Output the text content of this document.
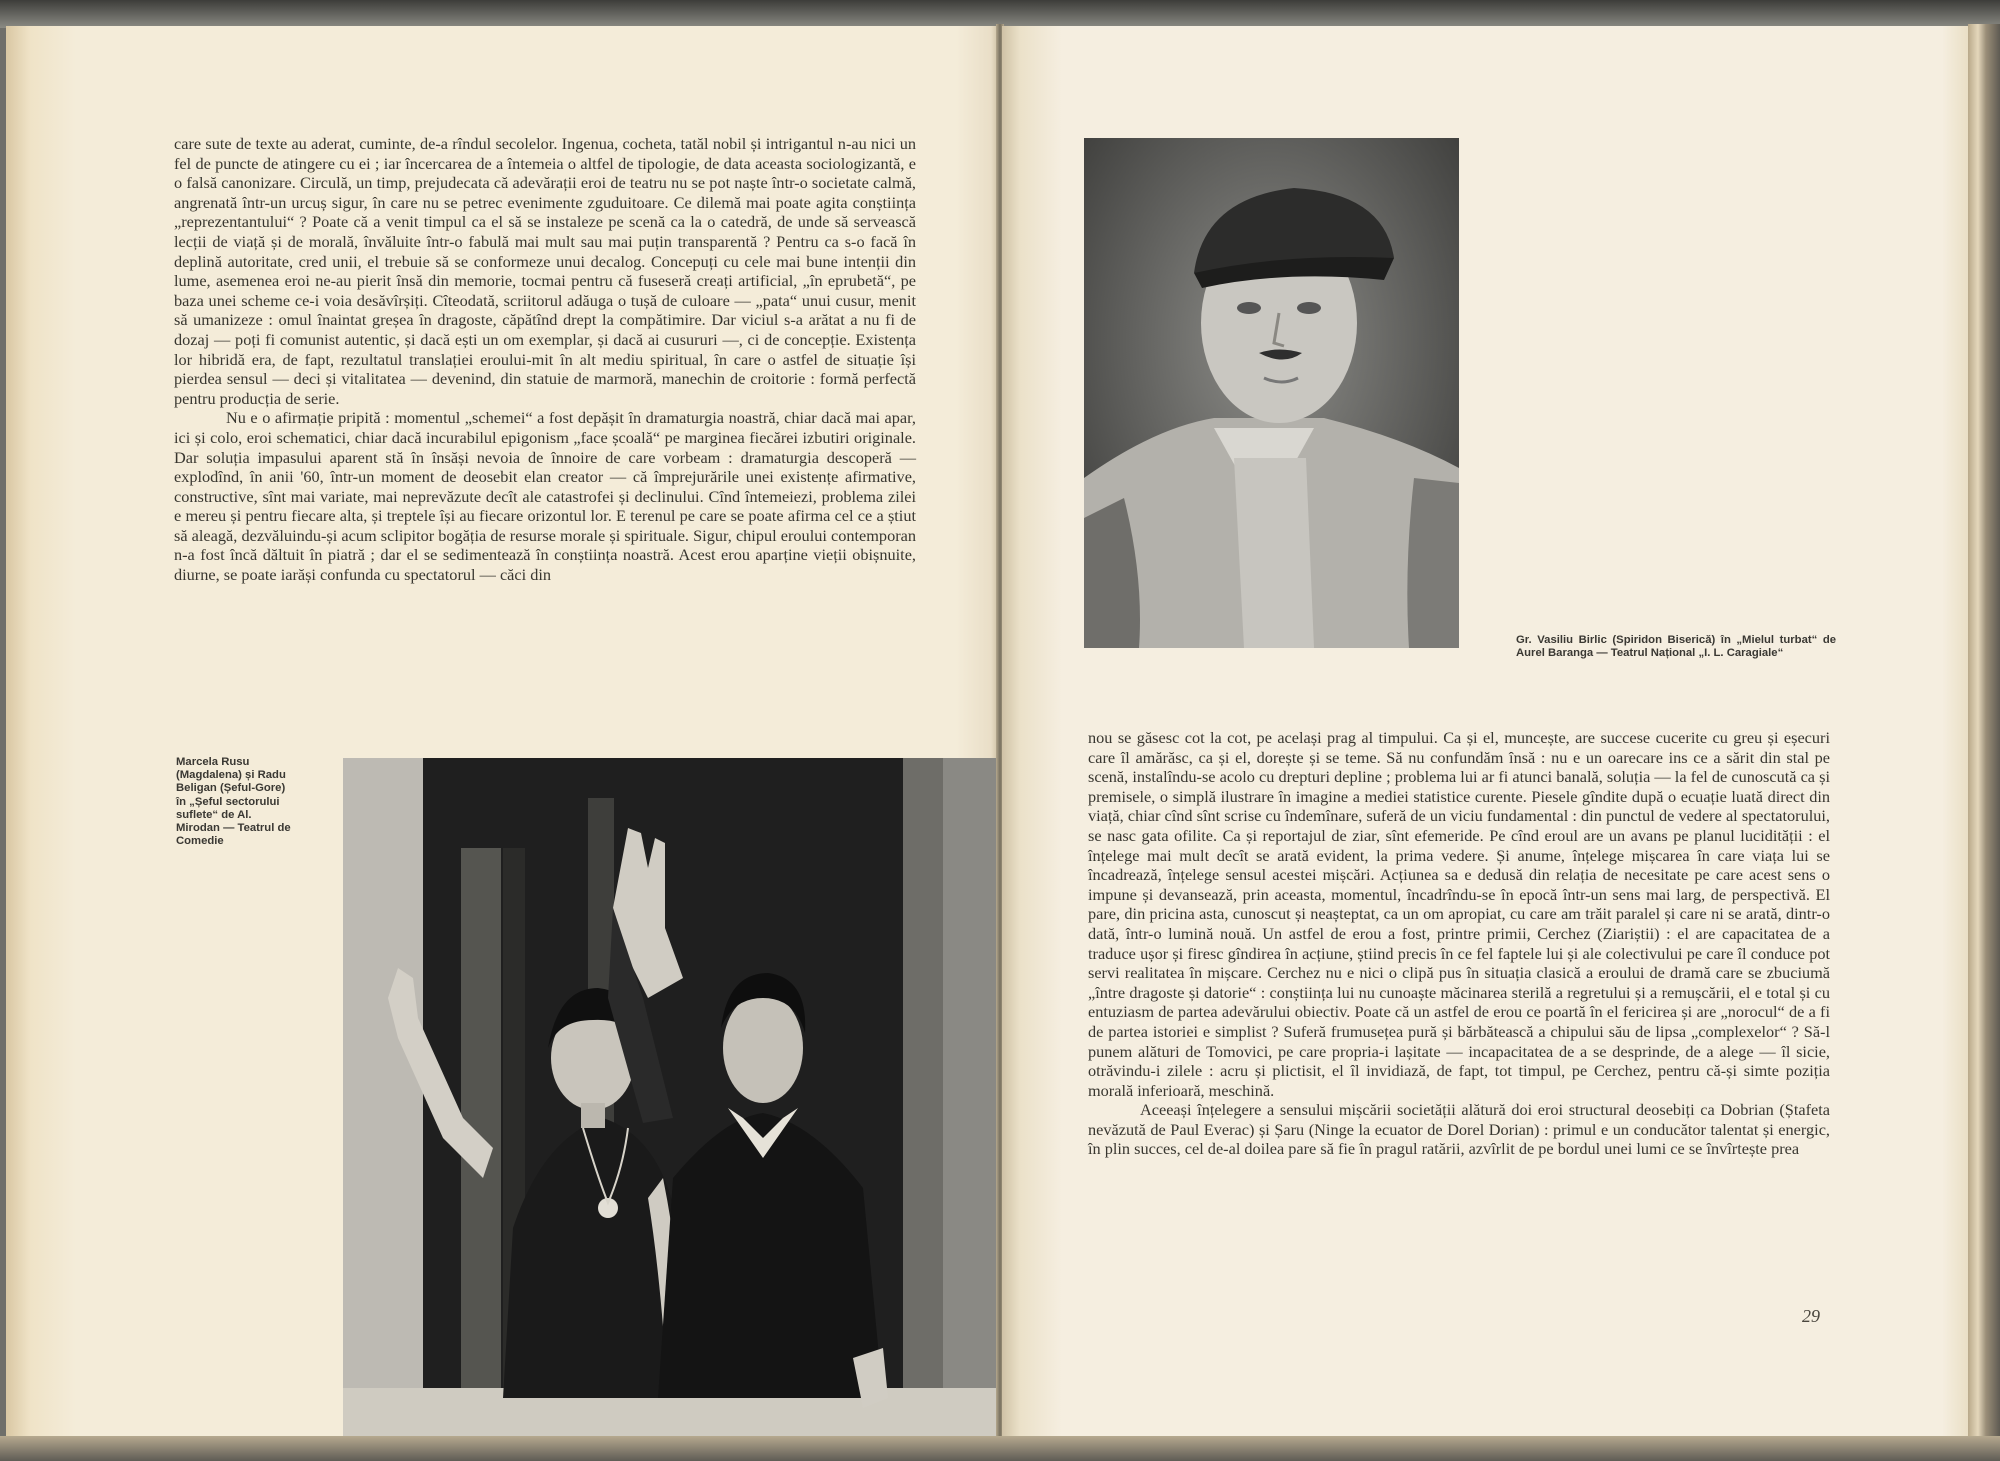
care sute de texte au aderat, cuminte, de-a rîndul secolelor. Ingenua, cocheta, tatăl nobil și intrigantul n-au nici un fel de puncte de atingere cu ei ; iar încercarea de a întemeia o altfel de tipologie, de data aceasta sociologizantă, e o falsă canonizare. Circulă, un timp, prejudecata că adevărații eroi de teatru nu se pot naște într-o societate calmă, angrenată într-un urcuș sigur, în care nu se petrec evenimente zguduitoare. Ce dilemă mai poate agita conștiința „reprezentantului“ ? Poate că a venit timpul ca el să se instaleze pe scenă ca la o catedră, de unde să servească lecții de viață și de morală, învăluite într-o fabulă mai mult sau mai puțin transparentă ? Pentru ca s-o facă în deplină autoritate, cred unii, el trebuie să se conformeze unui decalog. Concepuți cu cele mai bune intenții din lume, asemenea eroi ne-au pierit însă din memorie, tocmai pentru că fuseseră creați artificial, „în eprubetă“, pe baza unei scheme ce-i voia desăvîrșiți. Cîteodată, scriitorul adăuga o tușă de culoare — „pata“ unui cusur, menit să umanizeze : omul înaintat greșea în dragoste, căpătînd drept la compătimire. Dar viciul s-a arătat a nu fi de dozaj — poți fi comunist autentic, și dacă ești un om exemplar, și dacă ai cusururi —, ci de concepție. Existența lor hibridă era, de fapt, rezultatul translației eroului-mit în alt mediu spiritual, în care o astfel de situație își pierdea sensul — deci și vitalitatea — devenind, din statuie de marmoră, manechin de croitorie : formă perfectă pentru producția de serie.

Nu e o afirmație pripită : momentul „schemei“ a fost depășit în dramaturgia noastră, chiar dacă mai apar, ici și colo, eroi schematici, chiar dacă incurabilul epigonism „face școală“ pe marginea fiecărei izbutiri originale. Dar soluția impasului aparent stă în însăși nevoia de înnoire de care vorbeam : dramaturgia descoperă — explodînd, în anii '60, într-un moment de deosebit elan creator — că împrejurările unei existențe afirmative, constructive, sînt mai variate, mai neprevăzute decît ale catastrofei și declinului. Cînd întemeiezi, problema zilei e mereu și pentru fiecare alta, și treptele își au fiecare orizontul lor. E terenul pe care se poate afirma cel ce a știut să aleagă, dezvăluindu-și acum sclipitor bogăția de resurse morale și spirituale. Sigur, chipul eroului contemporan n-a fost încă dăltuit în piatră ; dar el se sedimentează în conștiința noastră. Acest erou aparține vieții obișnuite, diurne, se poate iarăși confunda cu spectatorul — căci din

Marcela Rusu (Magdalena) și Radu Beligan (Șeful-Gore) în „Șeful sectorului suflete“ de Al. Mirodan — Teatrul de Comedie
Gr. Vasiliu Birlic (Spiridon Biserică) în „Mielul turbat“ de Aurel Baranga — Teatrul Național „I. L. Caragiale“

nou se găsesc cot la cot, pe același prag al timpului. Ca și el, muncește, are succese cucerite cu greu și eșecuri care îl amărăsc, ca și el, dorește și se teme. Să nu confundăm însă : nu e un oarecare ins ce a sărit din stal pe scenă, instalîndu-se acolo cu drepturi depline ; problema lui ar fi atunci banală, soluția — la fel de cunoscută ca și premisele, o simplă ilustrare în imagine a mediei statistice curente. Piesele gîndite după o ecuație luată direct din viață, chiar cînd sînt scrise cu îndemînare, suferă de un viciu fundamental : din punctul de vedere al spectatorului, se nasc gata ofilite. Ca și reportajul de ziar, sînt efemeride. Pe cînd eroul are un avans pe planul lucidității : el înțelege mai mult decît se arată evident, la prima vedere. Și anume, înțelege mișcarea în care viața lui se încadrează, înțelege sensul acestei mișcări. Acțiunea sa e dedusă din relația de necesitate pe care acest sens o impune și devansează, prin aceasta, momentul, încadrîndu-se în epocă într-un sens mai larg, de perspectivă. El pare, din pricina asta, cunoscut și neașteptat, ca un om apropiat, cu care am trăit paralel și care ni se arată, dintr-o dată, într-o lumină nouă. Un astfel de erou a fost, printre primii, Cerchez (Ziariștii) : el are capacitatea de a traduce ușor și firesc gîndirea în acțiune, știind precis în ce fel faptele lui și ale colectivului pe care îl conduce pot servi realitatea în mișcare. Cerchez nu e nici o clipă pus în situația clasică a eroului de dramă care se zbuciumă „între dragoste și datorie“ : conștiința lui nu cunoaște măcinarea sterilă a regretului și a remușcării, el e total și cu entuziasm de partea adevărului obiectiv. Poate că un astfel de erou ce poartă în el fericirea și are „norocul“ de a fi de partea istoriei e simplist ? Suferă frumusețea pură și bărbătească a chipului său de lipsa „complexelor“ ? Să-l punem alături de Tomovici, pe care propria-i lașitate — incapacitatea de a se desprinde, de a alege — îl sicie, otrăvindu-i zilele : acru și plictisit, el îl invidiază, de fapt, tot timpul, pe Cerchez, pentru că-și simte poziția morală inferioară, meschină.

Aceeași înțelegere a sensului mișcării societății alătură doi eroi structural deosebiți ca Dobrian (Ștafeta nevăzută de Paul Everac) și Șaru (Ninge la ecuator de Dorel Dorian) : primul e un conducător talentat și energic, în plin succes, cel de-al doilea pare să fie în pragul ratării, azvîrlit de pe bordul unei lumi ce se învîrtește prea

29
